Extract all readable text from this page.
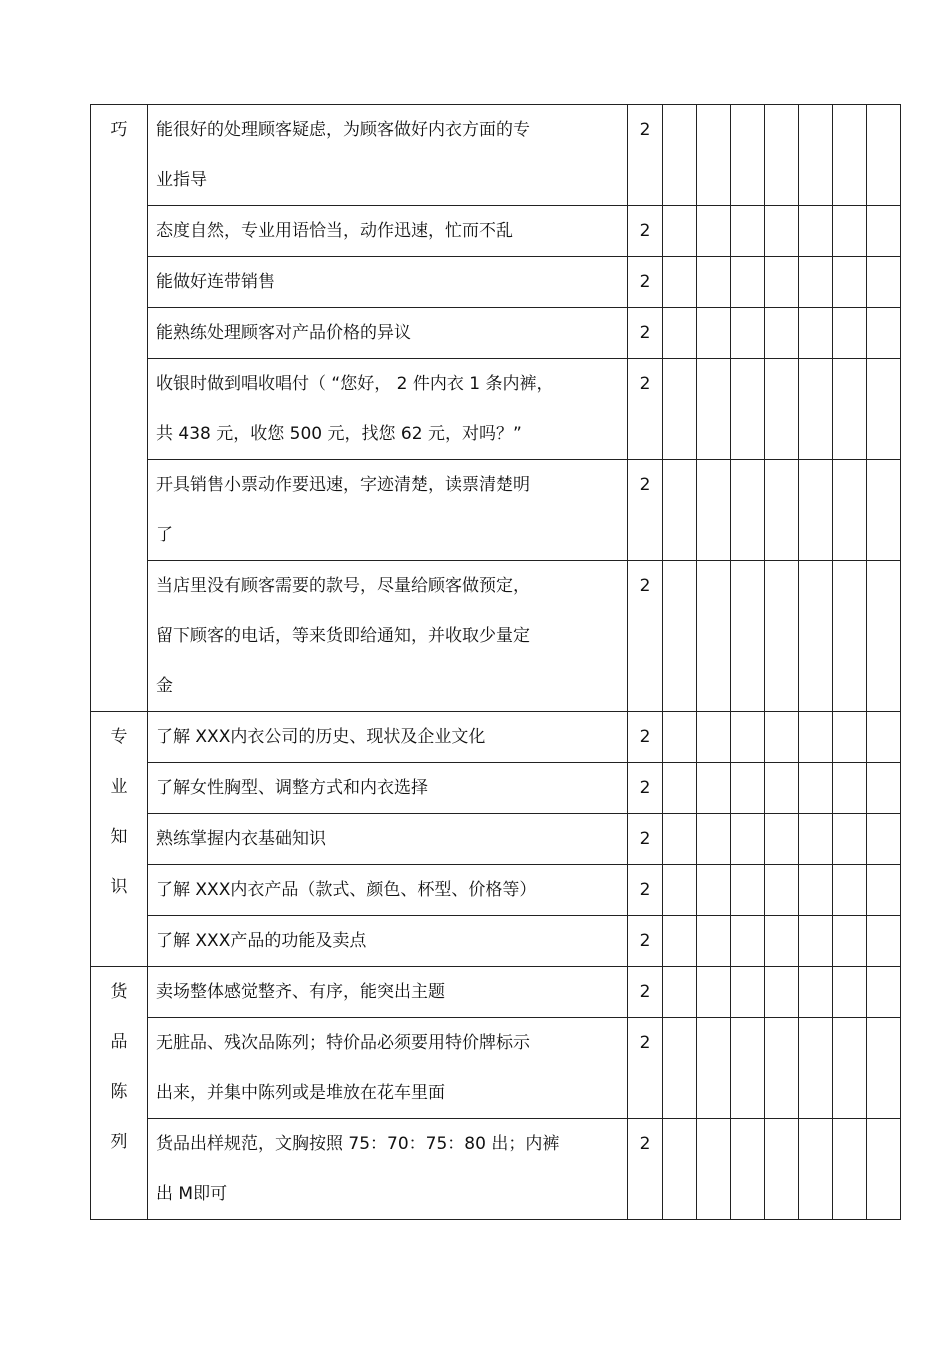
巧	能很好的处理顾客疑虑，为顾客做好内衣方面的专
业指导	2							

	态度自然，专业用语恰当，动作迅速，忙而不乱	2							

	能做好连带销售	2							

	能熟练处理顾客对产品价格的异议	2							

	收银时做到唱收唱付（ “您好， 2 件内衣 1 条内裤，
共 438 元，收您 500 元，找您 62 元，对吗？”	2							

	开具销售小票动作要迅速，字迹清楚，读票清楚明
了	2							

	当店里没有顾客需要的款号，尽量给顾客做预定，
留下顾客的电话，等来货即给通知，并收取少量定
金	2							

专
业
知
识	了解 XXX内衣公司的历史、现状及企业文化	2							

	了解女性胸型、调整方式和内衣选择	2							

	熟练掌握内衣基础知识	2							

	了解 XXX内衣产品（款式、颜色、杯型、价格等）	2							

	了解 XXX产品的功能及卖点	2							

货
品
陈
列	卖场整体感觉整齐、有序，能突出主题	2							

	无脏品、残次品陈列；特价品必须要用特价牌标示
出来，并集中陈列或是堆放在花车里面	2							

	货品出样规范，文胸按照 75：70：75：80 出；内裤
出 M即可	2							
